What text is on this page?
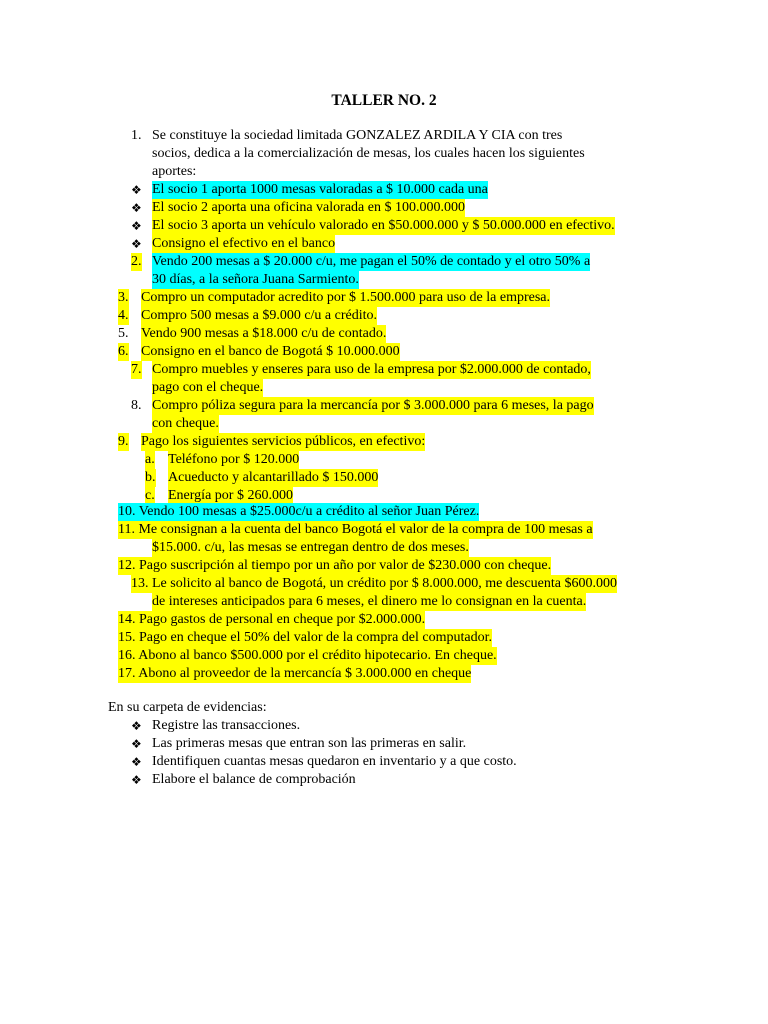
TALLER NO. 2
1. Se constituye la sociedad limitada GONZALEZ ARDILA Y CIA con tres
socios, dedica a la comercialización de mesas, los cuales hacen los siguientes
aportes:
❖ El socio 1 aporta 1000 mesas valoradas a $ 10.000 cada una
❖ El socio 2 aporta una oficina valorada en $ 100.000.000
❖ El socio 3 aporta un vehículo valorado en $50.000.000 y $ 50.000.000 en efectivo.
❖ Consigno el efectivo en el banco
2. Vendo 200 mesas a $ 20.000 c/u, me pagan el 50% de contado y el otro 50% a
30 días, a la señora Juana Sarmiento.
3. Compro un computador acredito por $ 1.500.000 para uso de la empresa.
4. Compro 500 mesas a $9.000 c/u a crédito.
5. Vendo 900 mesas a $18.000 c/u de contado.
6. Consigno en el banco de Bogotá $ 10.000.000
7. Compro muebles y enseres para uso de la empresa por $2.000.000 de contado,
pago con el cheque.
8. Compro póliza segura para la mercancía por $ 3.000.000 para 6 meses, la pago
con cheque.
9. Pago los siguientes servicios públicos, en efectivo:
a. Teléfono por $ 120.000
b. Acueducto y alcantarillado $ 150.000
c. Energía por $ 260.000
10. Vendo 100 mesas a $25.000c/u a crédito al señor Juan Pérez.
11. Me consignan a la cuenta del banco Bogotá el valor de la compra de 100 mesas a
$15.000. c/u, las mesas se entregan dentro de dos meses.
12. Pago suscripción al tiempo por un año por valor de $230.000 con cheque.
13. Le solicito al banco de Bogotá, un crédito por $ 8.000.000, me descuenta $600.000
de intereses anticipados para 6 meses, el dinero me lo consignan en la cuenta.
14. Pago gastos de personal en cheque por $2.000.000.
15. Pago en cheque el 50% del valor de la compra del computador.
16. Abono al banco $500.000 por el crédito hipotecario. En cheque.
17. Abono al proveedor de la mercancía $ 3.000.000 en cheque
En su carpeta de evidencias:
❖ Registre las transacciones.
❖ Las primeras mesas que entran son las primeras en salir.
❖ Identifiquen cuantas mesas quedaron en inventario y a que costo.
❖ Elabore el balance de comprobación
